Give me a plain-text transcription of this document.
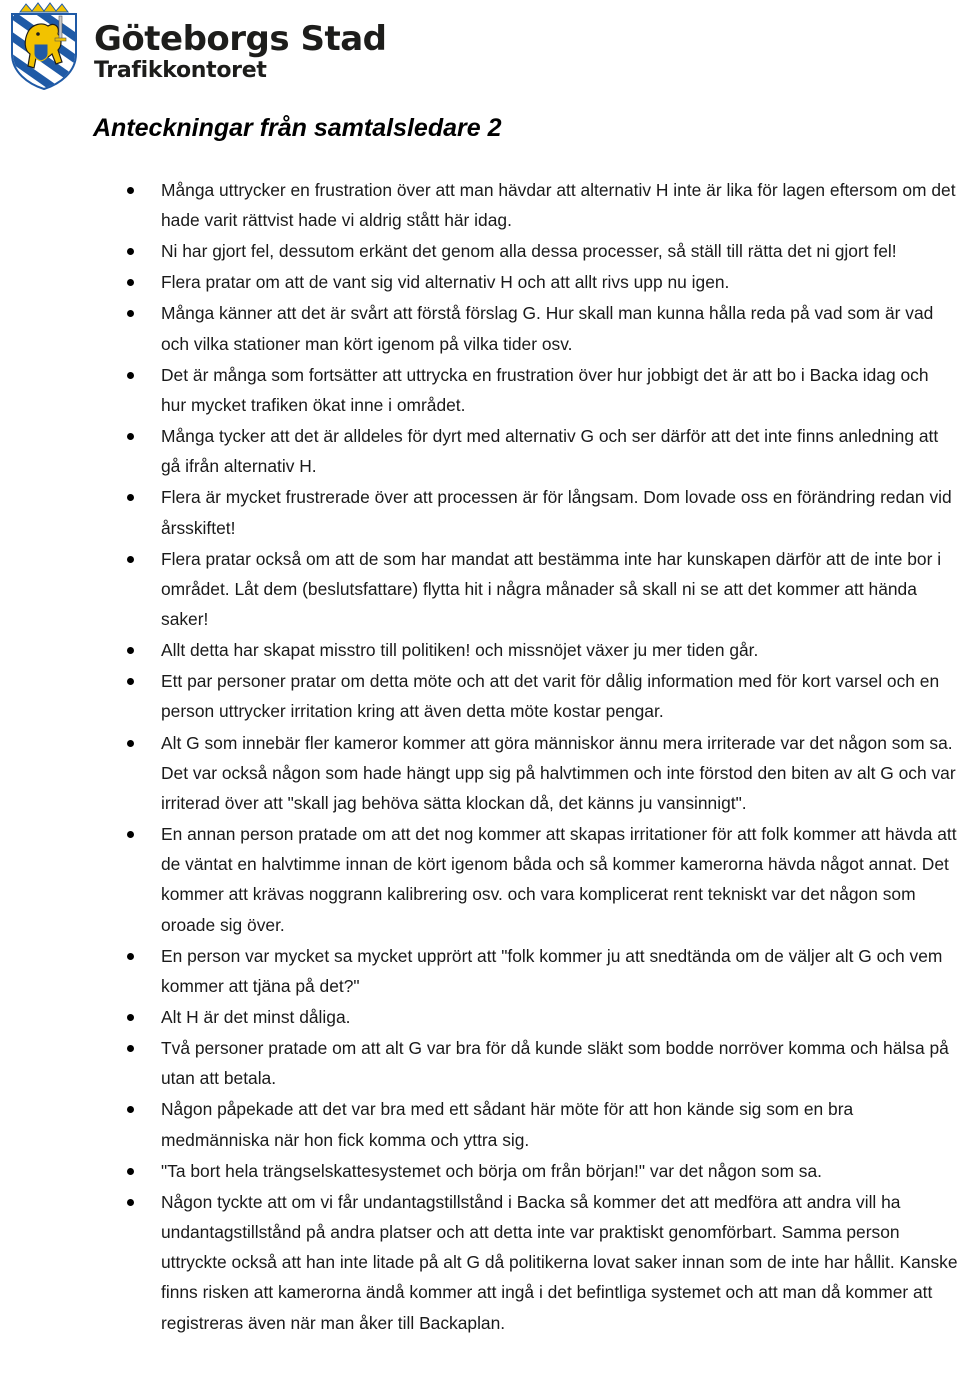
Göteborgs Stad
Trafikkontoret
Anteckningar från samtalsledare 2
Många uttrycker en frustration över att man hävdar att alternativ H inte är lika för lagen eftersom om det hade varit rättvist hade vi aldrig stått här idag.
Ni har gjort fel, dessutom erkänt det genom alla dessa processer, så ställ till rätta det ni gjort fel!
Flera pratar om att de vant sig vid alternativ H och att allt rivs upp nu igen.
Många känner att det är svårt att förstå förslag G. Hur skall man kunna hålla reda på vad som är vad och vilka stationer man kört igenom på vilka tider osv.
Det är många som fortsätter att uttrycka en frustration över hur jobbigt det är att bo i Backa idag och hur mycket trafiken ökat inne i området.
Många tycker att det är alldeles för dyrt med alternativ G och ser därför att det inte finns anledning att gå ifrån alternativ H.
Flera är mycket frustrerade över att processen är för långsam. Dom lovade oss en förändring redan vid årsskiftet!
Flera pratar också om att de som har mandat att bestämma inte har kunskapen därför att de inte bor i området. Låt dem (beslutsfattare) flytta hit i några månader så skall ni se att det kommer att hända saker!
Allt detta har skapat misstro till politiken! och missnöjet växer ju mer tiden går.
Ett par personer pratar om detta möte och att det varit för dålig information med för kort varsel och en person uttrycker irritation kring att även detta möte kostar pengar.
Alt G som innebär fler kameror kommer att göra människor ännu mera irriterade var det någon som sa. Det var också någon som hade hängt upp sig på halvtimmen och inte förstod den biten av alt G och var irriterad över att "skall jag behöva sätta klockan då, det känns ju vansinnigt".
En annan person pratade om att det nog kommer att skapas irritationer för att folk kommer att hävda att de väntat en halvtimme innan de kört igenom båda och så kommer kamerorna hävda något annat. Det kommer att krävas noggrann kalibrering osv. och vara komplicerat rent tekniskt var det någon som oroade sig över.
En person var mycket sa mycket upprört att "folk kommer ju att snedtända om de väljer alt G och vem kommer att tjäna på det?"
Alt H är det minst dåliga.
Två personer pratade om att alt G var bra för då kunde släkt som bodde norröver komma och hälsa på utan att betala.
Någon påpekade att det var bra med ett sådant här möte för att hon kände sig som en bra medmänniska när hon fick komma och yttra sig.
"Ta bort hela trängselskattesystemet och börja om från början!" var det någon som sa.
Någon tyckte att om vi får undantagstillstånd i Backa så kommer det att medföra att andra vill ha undantagstillstånd på andra platser och att detta inte var praktiskt genomförbart. Samma person uttryckte också att han inte litade på alt G då politikerna lovat saker innan som de inte har hållit. Kanske finns risken att kamerorna ändå kommer att ingå i det befintliga systemet och att man då kommer att registreras även när man åker till Backaplan.
